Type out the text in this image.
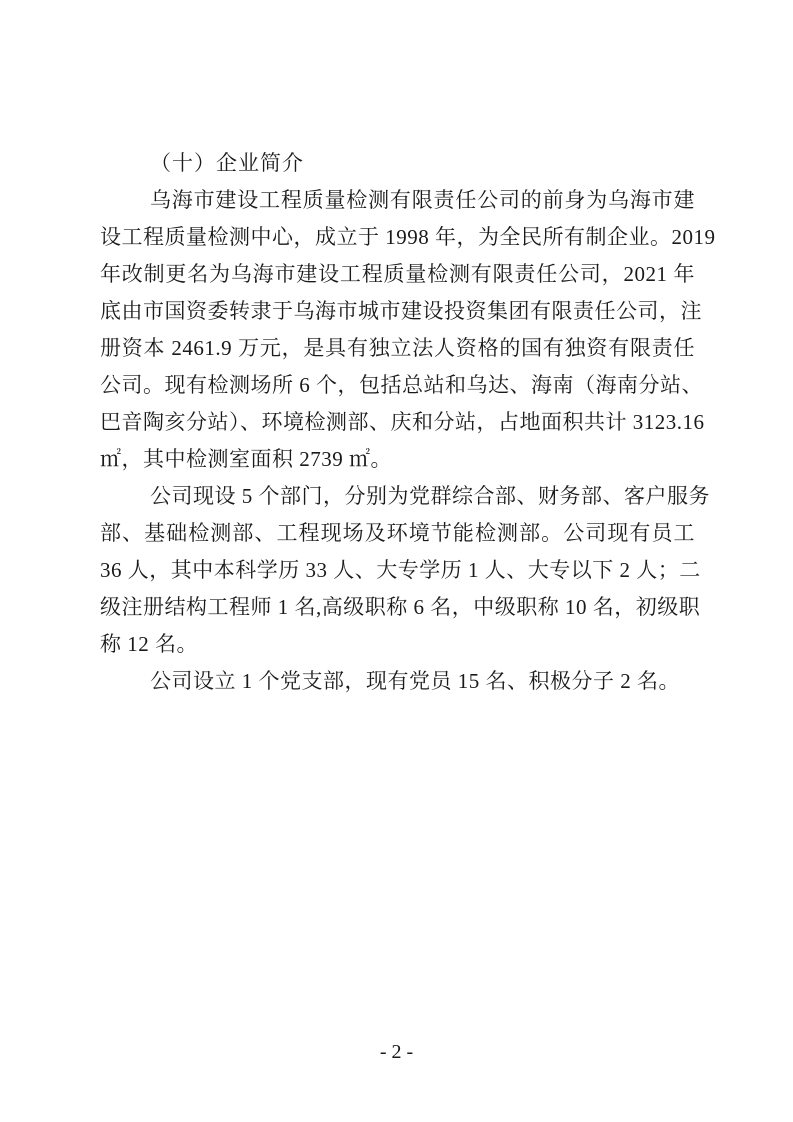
（十）企业简介
乌海市建设工程质量检测有限责任公司的前身为乌海市建
设工程质量检测中心，成立于 1998 年，为全民所有制企业。2019
年改制更名为乌海市建设工程质量检测有限责任公司，2021 年
底由市国资委转隶于乌海市城市建设投资集团有限责任公司，注
册资本 2461.9 万元，是具有独立法人资格的国有独资有限责任
公司。现有检测场所 6 个，包括总站和乌达、海南（海南分站、
巴音陶亥分站）、环境检测部、庆和分站，占地面积共计 3123.16
㎡，其中检测室面积 2739 ㎡。
公司现设 5 个部门，分别为党群综合部、财务部、客户服务
部、基础检测部、工程现场及环境节能检测部。公司现有员工
36 人，其中本科学历 33 人、大专学历 1 人、大专以下 2 人；二
级注册结构工程师 1 名,高级职称 6 名，中级职称 10 名，初级职
称 12 名。
公司设立 1 个党支部，现有党员 15 名、积极分子 2 名。
- 2 -
